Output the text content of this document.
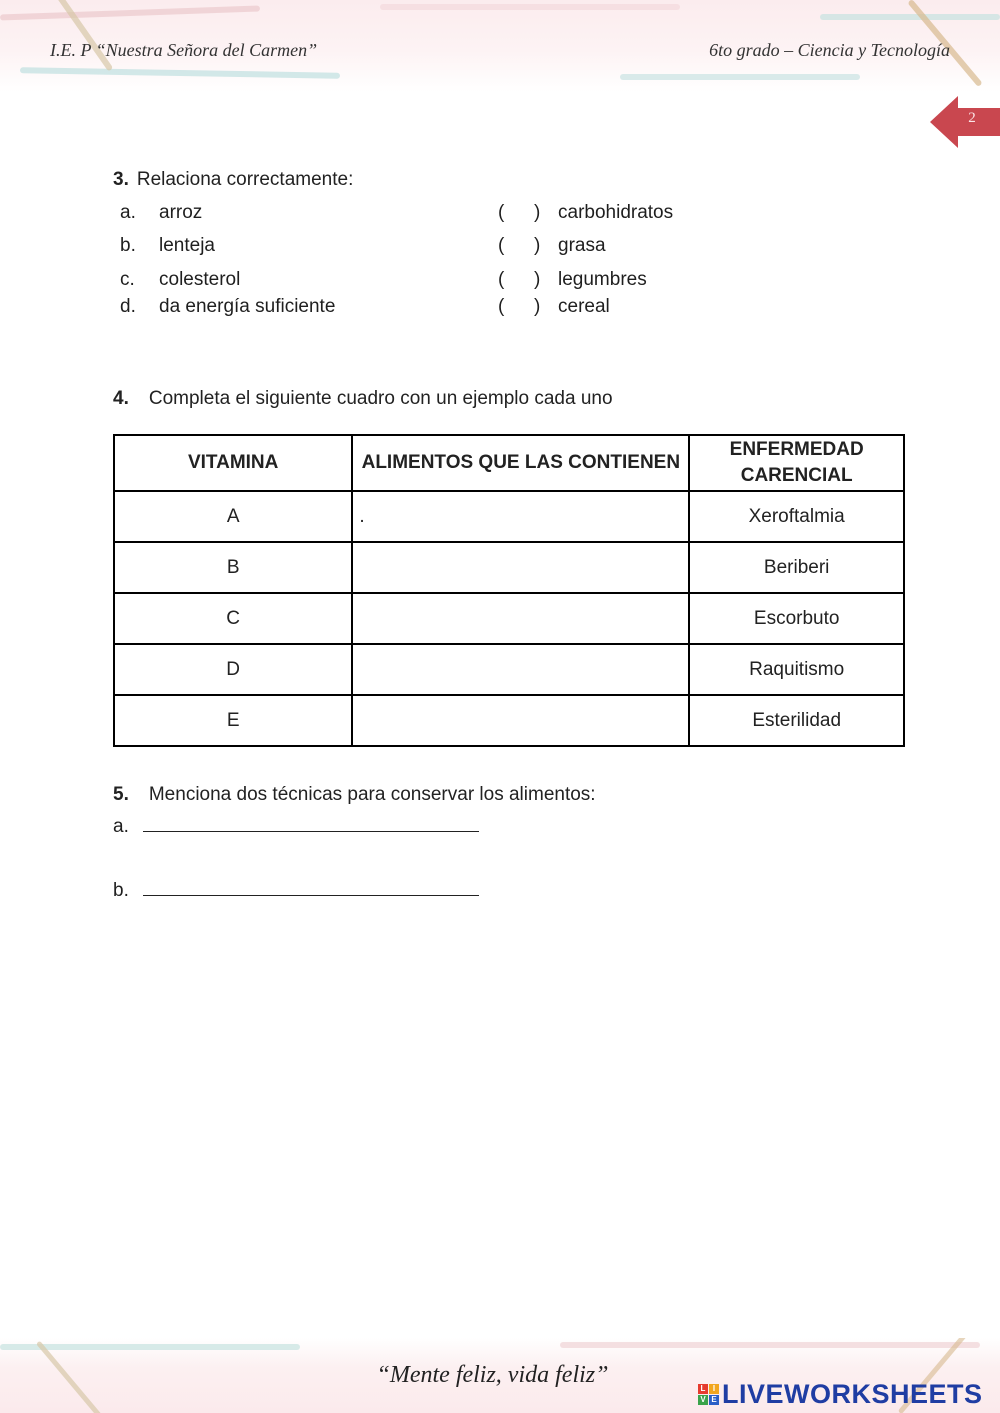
I.E. P “Nuestra Señora del Carmen”	6to grado – Ciencia y Tecnología
2
3. Relaciona correctamente:
a. arroz	( ) carbohidratos
b. lenteja	( ) grasa
c. colesterol	( ) legumbres
d. da energía suficiente	( ) cereal
4. Completa el siguiente cuadro con un ejemplo cada uno
VITAMINA	ALIMENTOS QUE LAS CONTIENEN	ENFERMEDAD
CARENCIAL

A	.	Xeroftalmia
B		Beriberi
C		Escorbuto
D		Raquitismo
E		Esterilidad
5. Menciona dos técnicas para conservar los alimentos:
a.
b.
“Mente feliz, vida feliz”	L I
V E LIVEWORKSHEETS
